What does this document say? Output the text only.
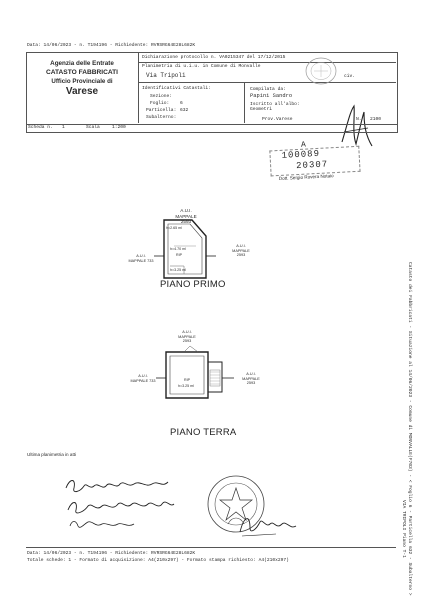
Data: 14/06/2023 - n. T194196 - Richiedente: RVRSRG64E28L682K
Agenzia delle Entrate
CATASTO FABBRICATI
Ufficio Provinciale di
Varese
Dichiarazione protocollo n. VA0215347 del 17/12/2015
Planimetria di u.i.u. in Comune di Monvalle
Via Tripoli	civ.
Identificativi Catastali:
Sezione:
Foglio: 6
Particella: 632
Subalterno:
Compilata da:
Papini Sandro
Iscritto all'albo:
Geometri
Prov. Varese	N. 2100
Scheda n. 1	Scala	1:200
A
100089
20307
Dott. Sergio Rovera Notaio
A.U.I. MAPPALE 2593
h=2.65 ml
h=4.70 ml
RIP
h=3.25 ml
A.U.I. MAPPALE 733
A.U.I. MAPPALE 2593
PIANO PRIMO
A.U.I. MAPPALE 2593
RIP
h=3.25 ml
A.U.I. MAPPALE 733
A.U.I. MAPPALE 2593
PIANO TERRA
Ultima planimetria in atti
Data: 14/06/2023 - n. T194196 - Richiedente: RVRSRG64E28L682K
Totale schede: 1 - Formato di acquisizione: A4(210x297) - Formato stampa richiesto: A4(210x297)	Catasto dei Fabbricati - Situazione al 14/06/2023 - Comune di MONVALLE(F703) - < Foglio 6 - Particella 632 - Subalterno >
VIA TRIPOLI Piano T-1
